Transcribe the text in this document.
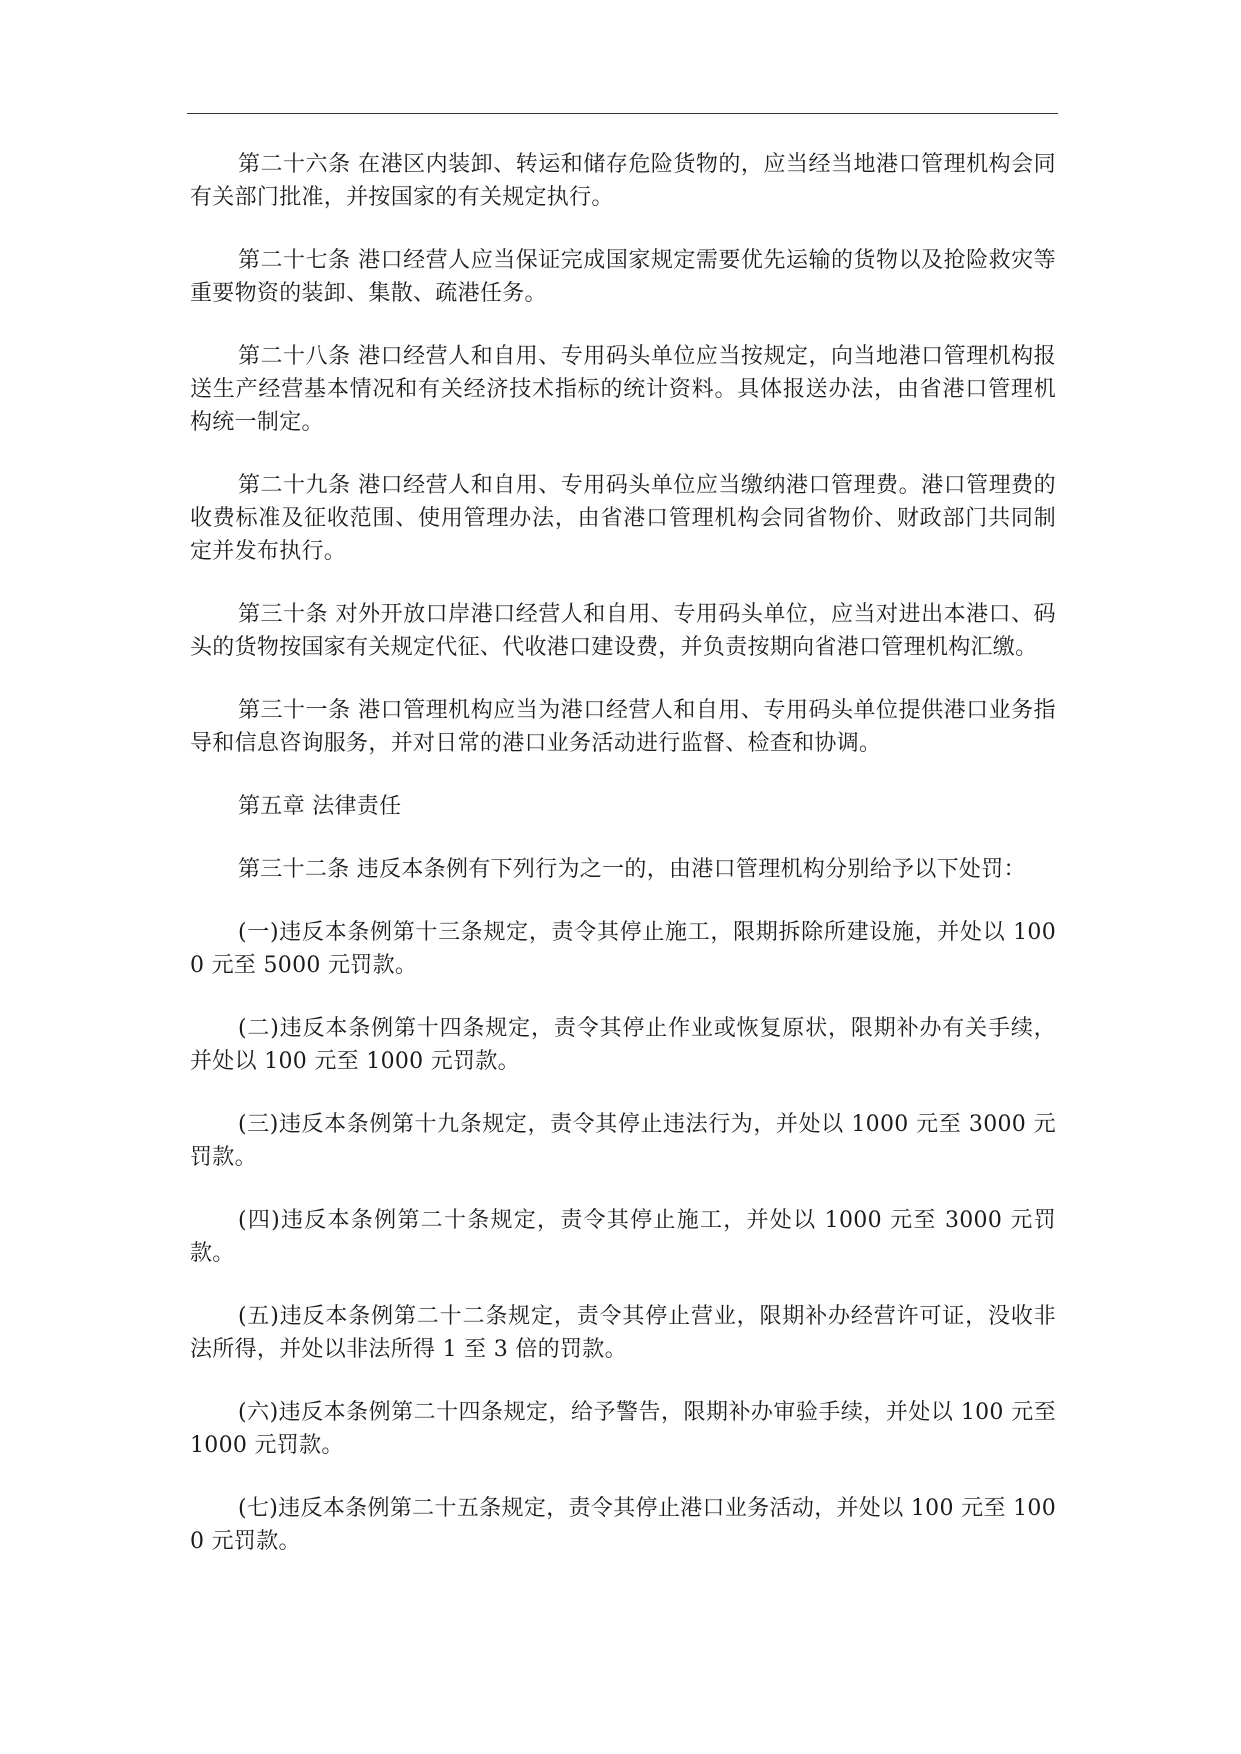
第二十六条 在港区内装卸、转运和储存危险货物的，应当经当地港口管理机构会同有关部门批准，并按国家的有关规定执行。

第二十七条 港口经营人应当保证完成国家规定需要优先运输的货物以及抢险救灾等重要物资的装卸、集散、疏港任务。

第二十八条 港口经营人和自用、专用码头单位应当按规定，向当地港口管理机构报送生产经营基本情况和有关经济技术指标的统计资料。具体报送办法，由省港口管理机构统一制定。

第二十九条 港口经营人和自用、专用码头单位应当缴纳港口管理费。港口管理费的收费标准及征收范围、使用管理办法，由省港口管理机构会同省物价、财政部门共同制定并发布执行。

第三十条 对外开放口岸港口经营人和自用、专用码头单位，应当对进出本港口、码头的货物按国家有关规定代征、代收港口建设费，并负责按期向省港口管理机构汇缴。

第三十一条 港口管理机构应当为港口经营人和自用、专用码头单位提供港口业务指导和信息咨询服务，并对日常的港口业务活动进行监督、检查和协调。

第五章 法律责任

第三十二条 违反本条例有下列行为之一的，由港口管理机构分别给予以下处罚：

(一)违反本条例第十三条规定，责令其停止施工，限期拆除所建设施，并处以 1000 元至 5000 元罚款。

(二)违反本条例第十四条规定，责令其停止作业或恢复原状，限期补办有关手续，并处以 100 元至 1000 元罚款。

(三)违反本条例第十九条规定，责令其停止违法行为，并处以 1000 元至 3000 元罚款。

(四)违反本条例第二十条规定，责令其停止施工，并处以 1000 元至 3000 元罚款。

(五)违反本条例第二十二条规定，责令其停止营业，限期补办经营许可证，没收非法所得，并处以非法所得 1 至 3 倍的罚款。

(六)违反本条例第二十四条规定，给予警告，限期补办审验手续，并处以 100 元至 1000 元罚款。

(七)违反本条例第二十五条规定，责令其停止港口业务活动，并处以 100 元至 1000 元罚款。
